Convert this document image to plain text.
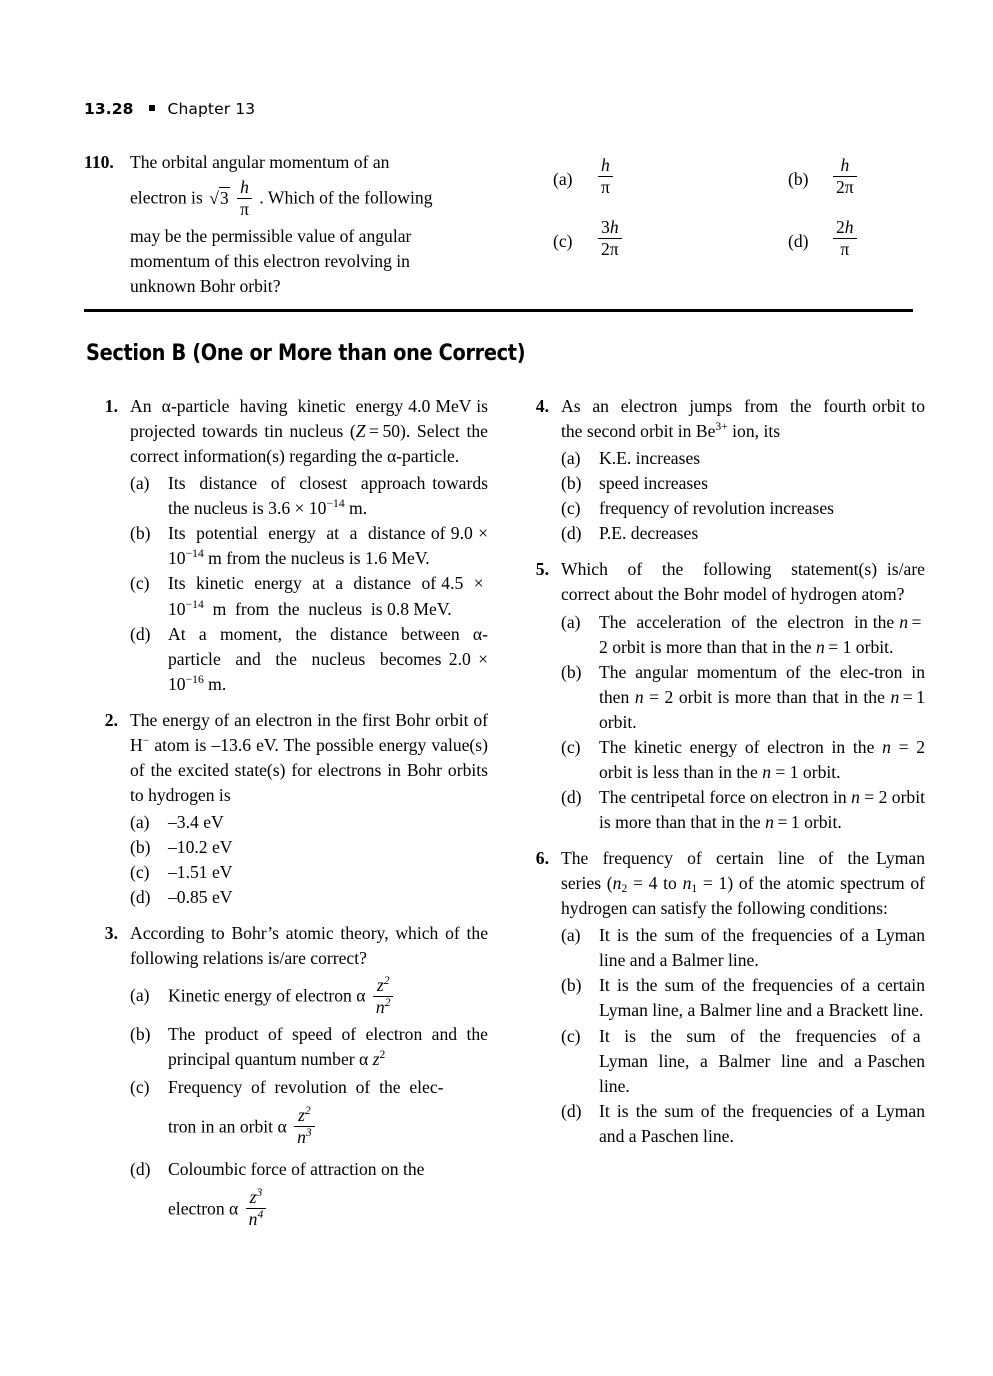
13.28 Chapter 13
110. The orbital angular momentum of an
electron is $√3 \frac{h}{\pi}$ . Which of the following
may be the permissible value of angular
momentum of this electron revolving in
unknown Bohr orbit?
$(a) \frac{h}{\pi}$	$(b) \frac{h}{2\pi}$
$(c) \frac{3h}{2\pi}$	$(d) \frac{2h}{\pi}$
Section B (One or More than one Correct)
1. An  α-particle  having  kinetic  energy 4.0 MeV is projected towards tin nucleus (Z = 50). Select the correct information(s) regarding the α-particle.
(a)	Its  distance  of  closest  approach towards the nucleus is $3.6 \times 10^{-14}$ m.
(b) Its  potential  energy  at  a  distance of $9.0 \times 10^{-14}$ m from the nucleus is 1.6 MeV.
(c)	Its  kinetic  energy  at  a  distance  of $4.5 \times 10^{-14}$  m  from  the  nucleus  is 0.8 MeV.
(d) At a moment, the distance between α-particle  and  the  nucleus  becomes $2.0 \times 10^{-16}$ m.
2. The energy of an electron in the first Bohr orbit of H− atom is –13.6 eV. The possible energy value(s) of the excited state(s) for electrons in Bohr orbits to hydrogen is
(a) –3.4 eV
(b) –10.2 eV
(c) –1.51 eV
(d) –0.85 eV
3. According to Bohr’s atomic theory, which of the following relations is/are correct?
(a) Kinetic energy of electron α $\frac{z^2}{n^2}$
(b) The product of speed of electron and the principal quantum number α $z^2$
(c)	Frequency  of  revolution  of  the  elec-
tron in an orbit α $\frac{z^2}{n^3}$
(d) Coloumbic force of attraction on the
electron α $\frac{z^3}{n^4}$
4. As  an  electron  jumps  from  the  fourth orbit to the second orbit in $Be^{3+}$ ion, its
(a) K.E. increases
(b) speed increases
(c) frequency of revolution increases
(d) P.E. decreases
5. Which  of  the  following  statement(s) is/are correct about the Bohr model of hydrogen atom?
(a)	The  acceleration  of  the  electron  in the n = 2 orbit is more than that in the n = 1 orbit.
(b) The angular momentum of the elec-tron in then n = 2 orbit is more than that in the n = 1 orbit.
(c)	The kinetic energy of electron in the n = 2 orbit is less than in the n = 1 orbit.
(d) The centripetal force on electron in n = 2 orbit is more than that in the n = 1 orbit.
6. The  frequency  of  certain  line  of  the Lyman series ($n_2 = 4$ to $n_1 = 1$) of the atomic spectrum of hydrogen can satisfy the following conditions:
(a)	It is the sum of the frequencies of a Lyman line and a Balmer line.
(b) It is the sum of the frequencies of a certain Lyman line, a Balmer line and a Brackett line.
(c)	It  is  the  sum  of  the  frequencies  of a  Lyman  line,  a  Balmer  line  and  a Paschen line.
(d) It is the sum of the frequencies of a Lyman and a Paschen line.
